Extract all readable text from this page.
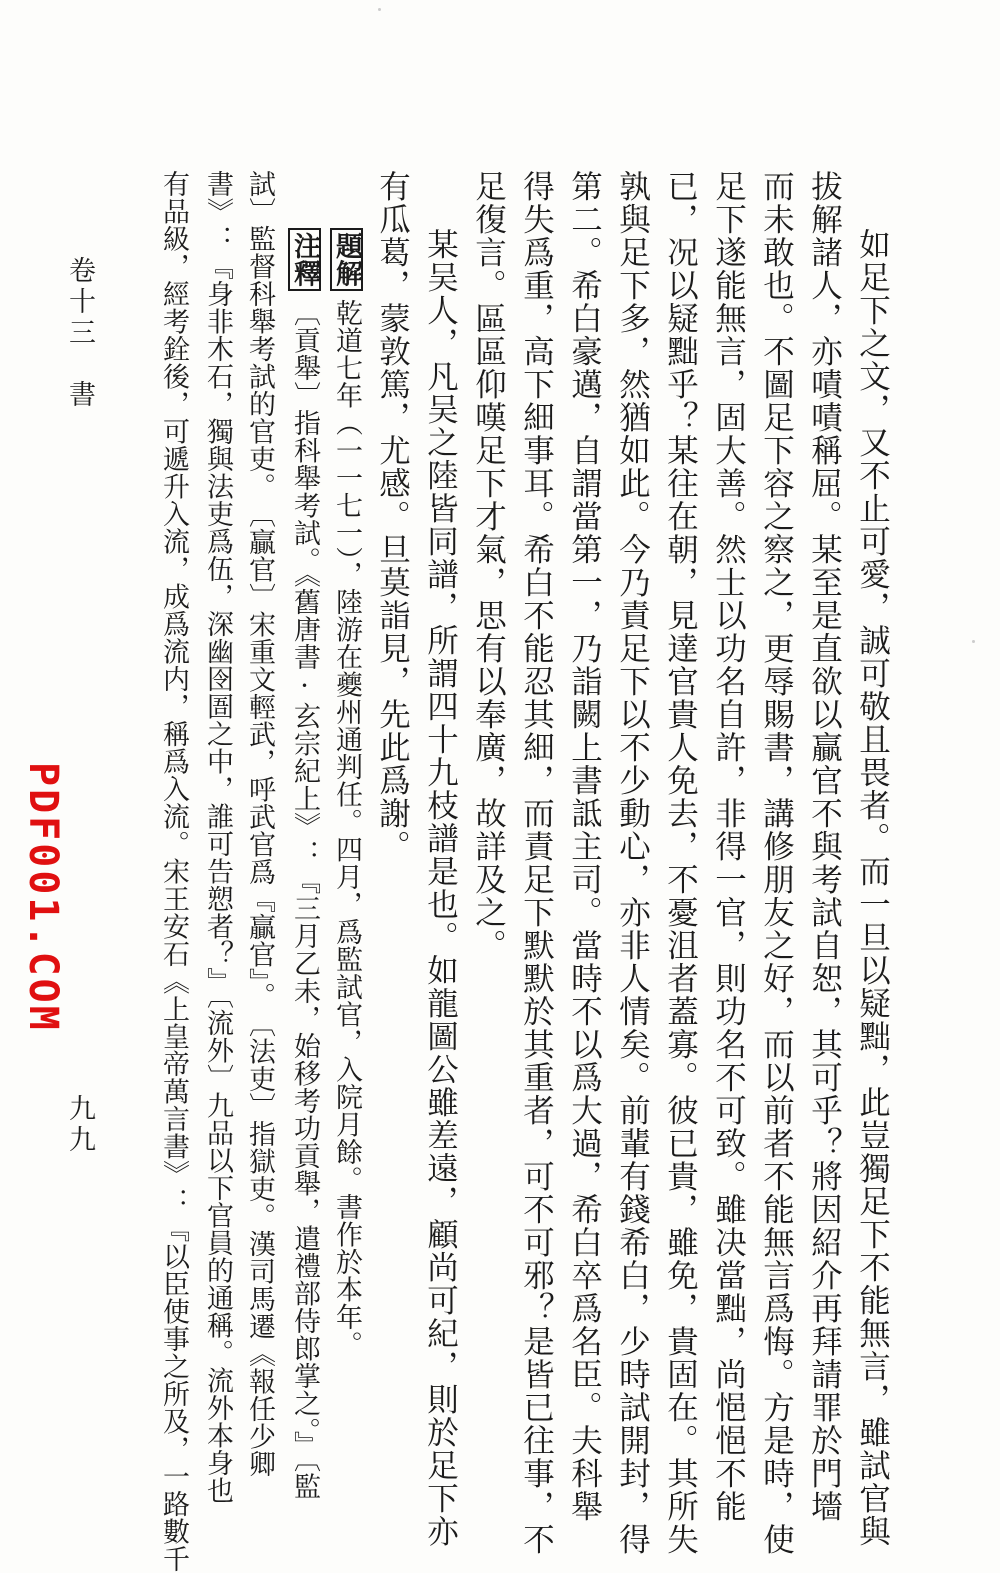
如足下之文，又不止可愛，誠可敬且畏者。而一旦以疑黜，此豈獨足下不能無言，雖試官與
拔解諸人，亦嘖嘖稱屈。某至是直欲以贏官不與考試自恕，其可乎？將因紹介再拜請罪於門墻
而未敢也。不圖足下容之察之，更辱賜書，講修朋友之好，而以前者不能無言爲悔。方是時，使
足下遂能無言，固大善。然士以功名自許，非得一官，則功名不可致。雖决當黜，尚悒悒不能
已，况以疑黜乎？某往在朝，見達官貴人免去，不憂沮者蓋寡。彼已貴，雖免，貴固在。其所失
孰與足下多，然猶如此。今乃責足下以不少動心，亦非人情矣。前輩有錢希白，少時試開封，得
第二。希白豪邁，自謂當第一，乃詣闕上書詆主司。當時不以爲大過，希白卒爲名臣。夫科舉
得失爲重，高下細事耳。希白不能忍其細，而責足下默默於其重者，可不可邪？是皆已往事，不
足復言。區區仰嘆足下才氣，思有以奉廣，故詳及之。
某吴人，凡吴之陸皆同譜，所謂四十九枝譜是也。如龍圖公雖差遠，顧尚可紀，則於足下亦
有瓜葛，蒙敦篤，尤感。旦莫詣見，先此爲謝。
題解乾道七年（一一七一），陸游在夔州通判任。四月，爲監試官，入院月餘。書作於本年。
注釋〔貢舉〕指科舉考試。《舊唐書·玄宗紀上》：『三月乙未，始移考功貢舉，遣禮部侍郎掌之。』〔監
試〕監督科舉考試的官吏。　〔贏官〕宋重文輕武，呼武官爲『贏官』。　〔法吏〕指獄吏。漢司馬遷《報任少卿
書》：『身非木石，獨與法吏爲伍，深幽囹圄之中，誰可告愬者？』〔流外〕九品以下官員的通稱。流外本身也
有品級，經考銓後，可遞升入流，成爲流内，稱爲入流。宋王安石《上皇帝萬言書》：『以臣使事之所及，一路數千
卷十三　書
九九
PDF001.COM
